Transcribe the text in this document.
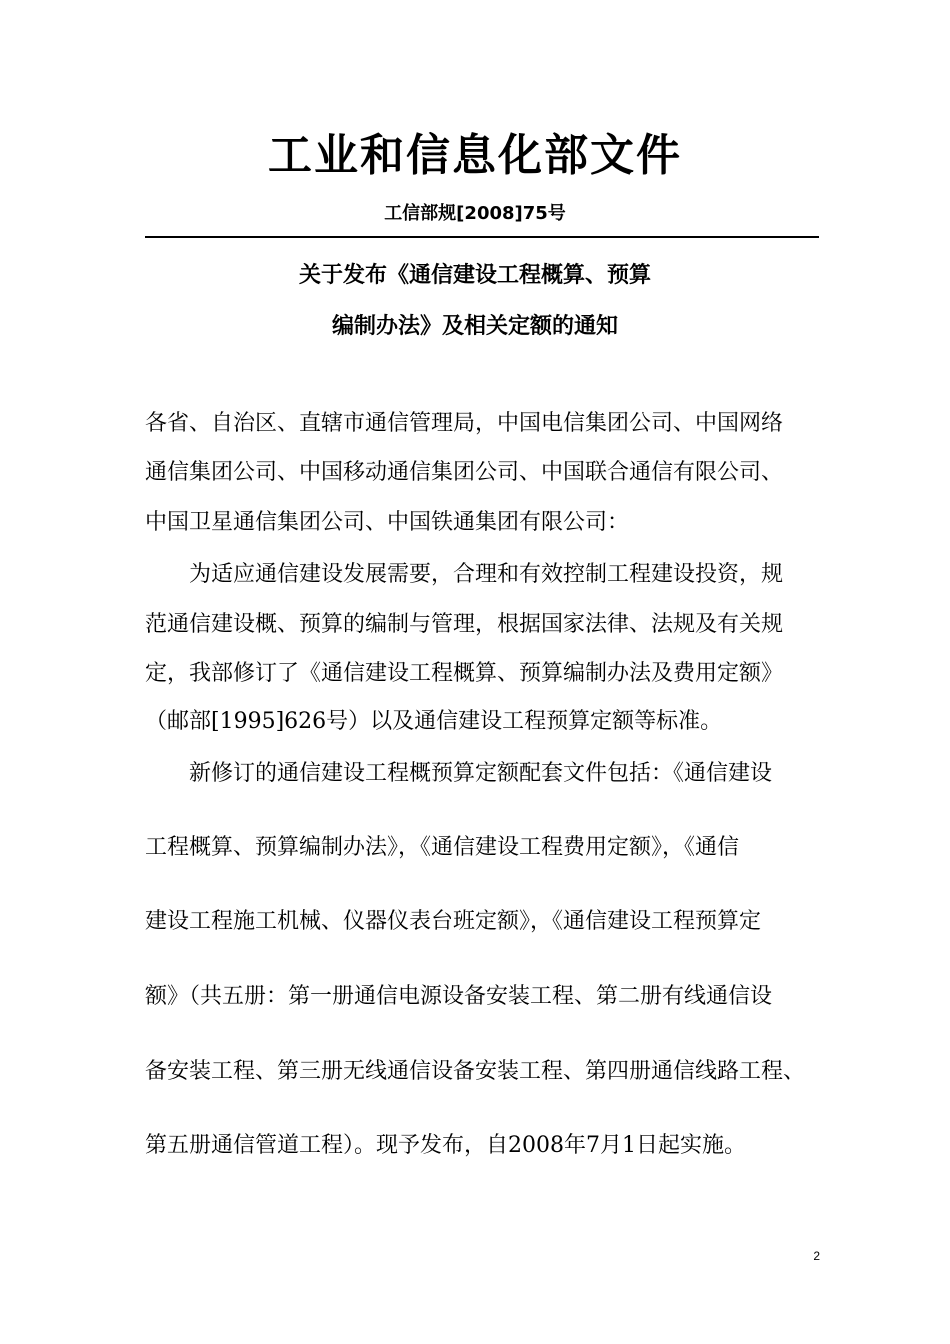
工业和信息化部文件
工信部规[2008]75号
关于发布《通信建设工程概算、预算
编制办法》及相关定额的通知
各省、自治区、直辖市通信管理局，中国电信集团公司、中国网络
通信集团公司、中国移动通信集团公司、中国联合通信有限公司、
中国卫星通信集团公司、中国铁通集团有限公司：
　　为适应通信建设发展需要，合理和有效控制工程建设投资，规
范通信建设概、预算的编制与管理，根据国家法律、法规及有关规
定，我部修订了《通信建设工程概算、预算编制办法及费用定额》
（邮部[1995]626号）以及通信建设工程预算定额等标准。
　　新修订的通信建设工程概预算定额配套文件包括：《通信建设
工程概算、预算编制办法》，《通信建设工程费用定额》，《通信
建设工程施工机械、仪器仪表台班定额》，《通信建设工程预算定
额》（共五册：第一册通信电源设备安装工程、第二册有线通信设
备安装工程、第三册无线通信设备安装工程、第四册通信线路工程、
第五册通信管道工程）。现予发布，自2008年7月1日起实施。
2
